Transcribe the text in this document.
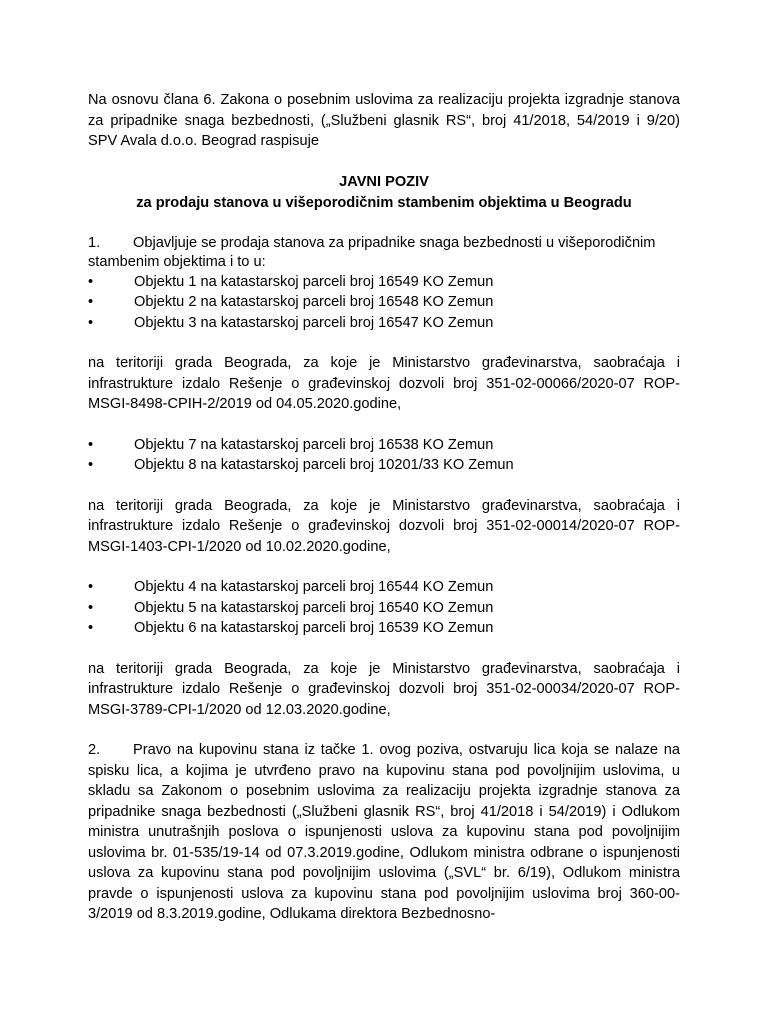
Na osnovu člana 6. Zakona o posebnim uslovima za realizaciju projekta izgradnje stanova za pripadnike snaga bezbednosti, („Službeni glasnik RS“, broj 41/2018, 54/2019 i 9/20) SPV Avala d.o.o. Beograd raspisuje

JAVNI POZIV

za prodaju stanova u višeporodičnim stambenim objektima u Beogradu

1. Objavljuje se prodaja stanova za pripadnike snaga bezbednosti u višeporodičnim stambenim objektima i to u:

•	Objektu 1 na katastarskoj parceli broj 16549 KO Zemun
•	Objektu 2 na katastarskoj parceli broj 16548 KO Zemun
•	Objektu 3 na katastarskoj parceli broj 16547 KO Zemun

na teritoriji grada Beograda, za koje je Ministarstvo građevinarstva, saobraćaja i infrastrukture izdalo Rešenje o građevinskoj dozvoli broj 351-02-00066/2020-07 ROP-MSGI-8498-CPIH-2/2019 od 04.05.2020.godine,

•	Objektu 7 na katastarskoj parceli broj 16538 KO Zemun
•	Objektu 8 na katastarskoj parceli broj 10201/33 KO Zemun

na teritoriji grada Beograda, za koje je Ministarstvo građevinarstva, saobraćaja i infrastrukture izdalo Rešenje o građevinskoj dozvoli broj 351-02-00014/2020-07 ROP-MSGI-1403-CPI-1/2020 od 10.02.2020.godine,

•	Objektu 4 na katastarskoj parceli broj 16544 KO Zemun
•	Objektu 5 na katastarskoj parceli broj 16540 KO Zemun
•	Objektu 6 na katastarskoj parceli broj 16539 KO Zemun

na teritoriji grada Beograda, za koje je Ministarstvo građevinarstva, saobraćaja i infrastrukture izdalo Rešenje o građevinskoj dozvoli broj 351-02-00034/2020-07 ROP-MSGI-3789-CPI-1/2020 od 12.03.2020.godine,

2. Pravo na kupovinu stana iz tačke 1. ovog poziva, ostvaruju lica koja se nalaze na spisku lica, a kojima je utvrđeno pravo na kupovinu stana pod povoljnijim uslovima, u skladu sa Zakonom o posebnim uslovima za realizaciju projekta izgradnje stanova za pripadnike snaga bezbednosti („Službeni glasnik RS“, broj 41/2018 i 54/2019) i Odlukom ministra unutrašnjih poslova o ispunjenosti uslova za kupovinu stana pod povoljnijim uslovima br. 01-535/19-14 od 07.3.2019.godine, Odlukom ministra odbrane o ispunjenosti uslova za kupovinu stana pod povoljnijim uslovima („SVL“ br. 6/19), Odlukom ministra pravde o ispunjenosti uslova za kupovinu stana pod povoljnijim uslovima broj 360-00-3/2019 od 8.3.2019.godine, Odlukama direktora Bezbednosno-
